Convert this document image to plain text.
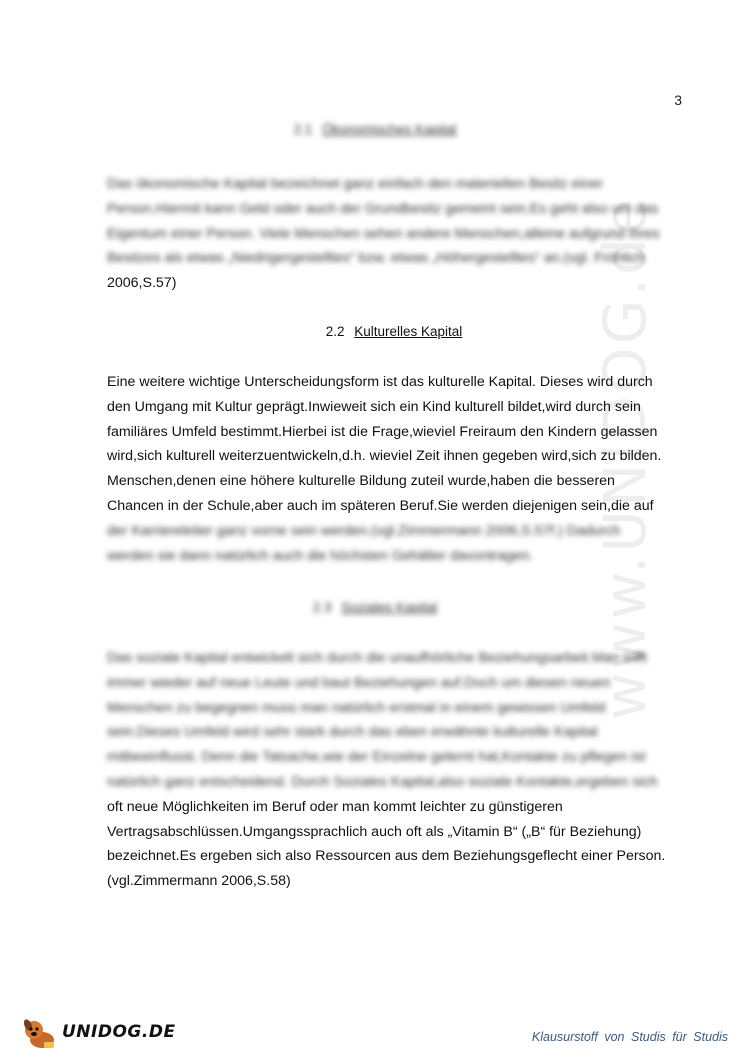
www.UNIDOG.de
3
2.1 Ökonomisches Kapital

Das ökonomische Kapital bezeichnet ganz einfach den materiellen Besitz einer

Person.Hiermit kann Geld oder auch der Grundbesitz gemeint sein.Es geht also um das

Eigentum einer Person. Viele Menschen sehen andere Menschen,alleine aufgrund ihres

Besitzes als etwas „Niedrigergestelltes“ bzw. etwas „Höhergestelltes“ an.(vgl. Fröhlich

2006,S.57)

2.2 Kulturelles Kapital

Eine weitere wichtige Unterscheidungsform ist das kulturelle Kapital. Dieses wird durch

den Umgang mit Kultur geprägt.Inwieweit sich ein Kind kulturell bildet,wird durch sein

familiäres Umfeld bestimmt.Hierbei ist die Frage,wieviel Freiraum den Kindern gelassen

wird,sich kulturell weiterzuentwickeln,d.h. wieviel Zeit ihnen gegeben wird,sich zu bilden.

Menschen,denen eine höhere kulturelle Bildung zuteil wurde,haben die besseren

Chancen in der Schule,aber auch im späteren Beruf.Sie werden diejenigen sein,die auf

der Karriereleiter ganz vorne sein werden.(vgl.Zimmermann 2006,S.57f.) Dadurch

werden sie dann natürlich auch die höchsten Gehälter davontragen.

2.3 Soziales Kapital

Das soziale Kapital entwickelt sich durch die unaufhörliche Beziehungsarbeit.Man trifft

immer wieder auf neue Leute und baut Beziehungen auf.Doch um diesen neuen

Menschen zu begegnen muss man natürlich erstmal in einem gewissen Umfeld

sein.Dieses Umfeld wird sehr stark durch das eben erwähnte kulturelle Kapital

mitbeeinflusst. Denn die Tatsache,wie der Einzelne gelernt hat,Kontakte zu pflegen ist

natürlich ganz entscheidend. Durch Soziales Kapital,also soziale Kontakte,ergeben sich

oft neue Möglichkeiten im Beruf oder man kommt leichter zu günstigeren

Vertragsabschlüssen.Umgangssprachlich auch oft als „Vitamin B“ („B“ für Beziehung)

bezeichnet.Es ergeben sich also Ressourcen aus dem Beziehungsgeflecht einer Person.

(vgl.Zimmermann 2006,S.58)

UNIDOG.DE	Klausurstoff von Studis für Studis
